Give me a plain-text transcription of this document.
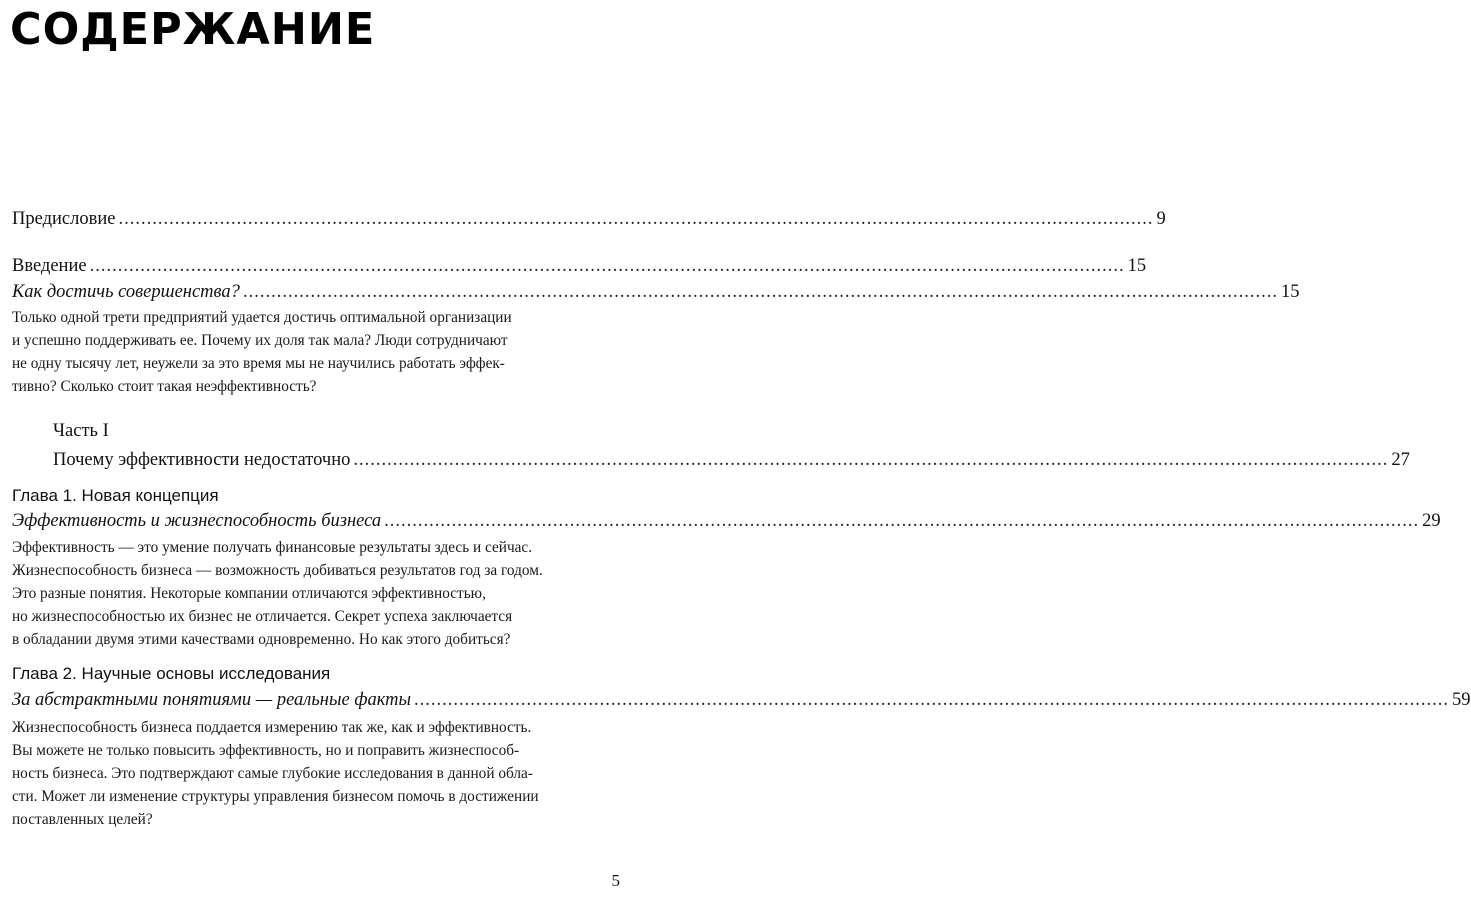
СОДЕРЖАНИЕ
Предисловие ........................................................................................................................................................................................ 9
Введение ........................................................................................................................................................................................ 15
Как достичь совершенства? ........................................................................................................................................................................................ 15

Только одной трети предприятий удается достичь оптимальной организации
и успешно поддерживать ее. Почему их доля так мала? Люди сотрудничают
не одну тысячу лет, неужели за это время мы не научились работать эффек-
тивно? Сколько стоит такая неэффективность?

Часть I
Почему эффективности недостаточно ........................................................................................................................................................................................ 27
Глава 1. Новая концепция
Эффективность и жизнеспособность бизнеса ........................................................................................................................................................................................ 29

Эффективность — это умение получать финансовые результаты здесь и сейчас.
Жизнеспособность бизнеса — возможность добиваться результатов год за годом.
Это разные понятия. Некоторые компании отличаются эффективностью,
но жизнеспособностью их бизнес не отличается. Секрет успеха заключается
в обладании двумя этими качествами одновременно. Но как этого добиться?

Глава 2. Научные основы исследования
За абстрактными понятиями — реальные факты ........................................................................................................................................................................................ 59

Жизнеспособность бизнеса поддается измерению так же, как и эффективность.
Вы можете не только повысить эффективность, но и поправить жизнеспособ-
ность бизнеса. Это подтверждают самые глубокие исследования в данной обла-
сти. Может ли изменение структуры управления бизнесом помочь в достижении
поставленных целей?

5
